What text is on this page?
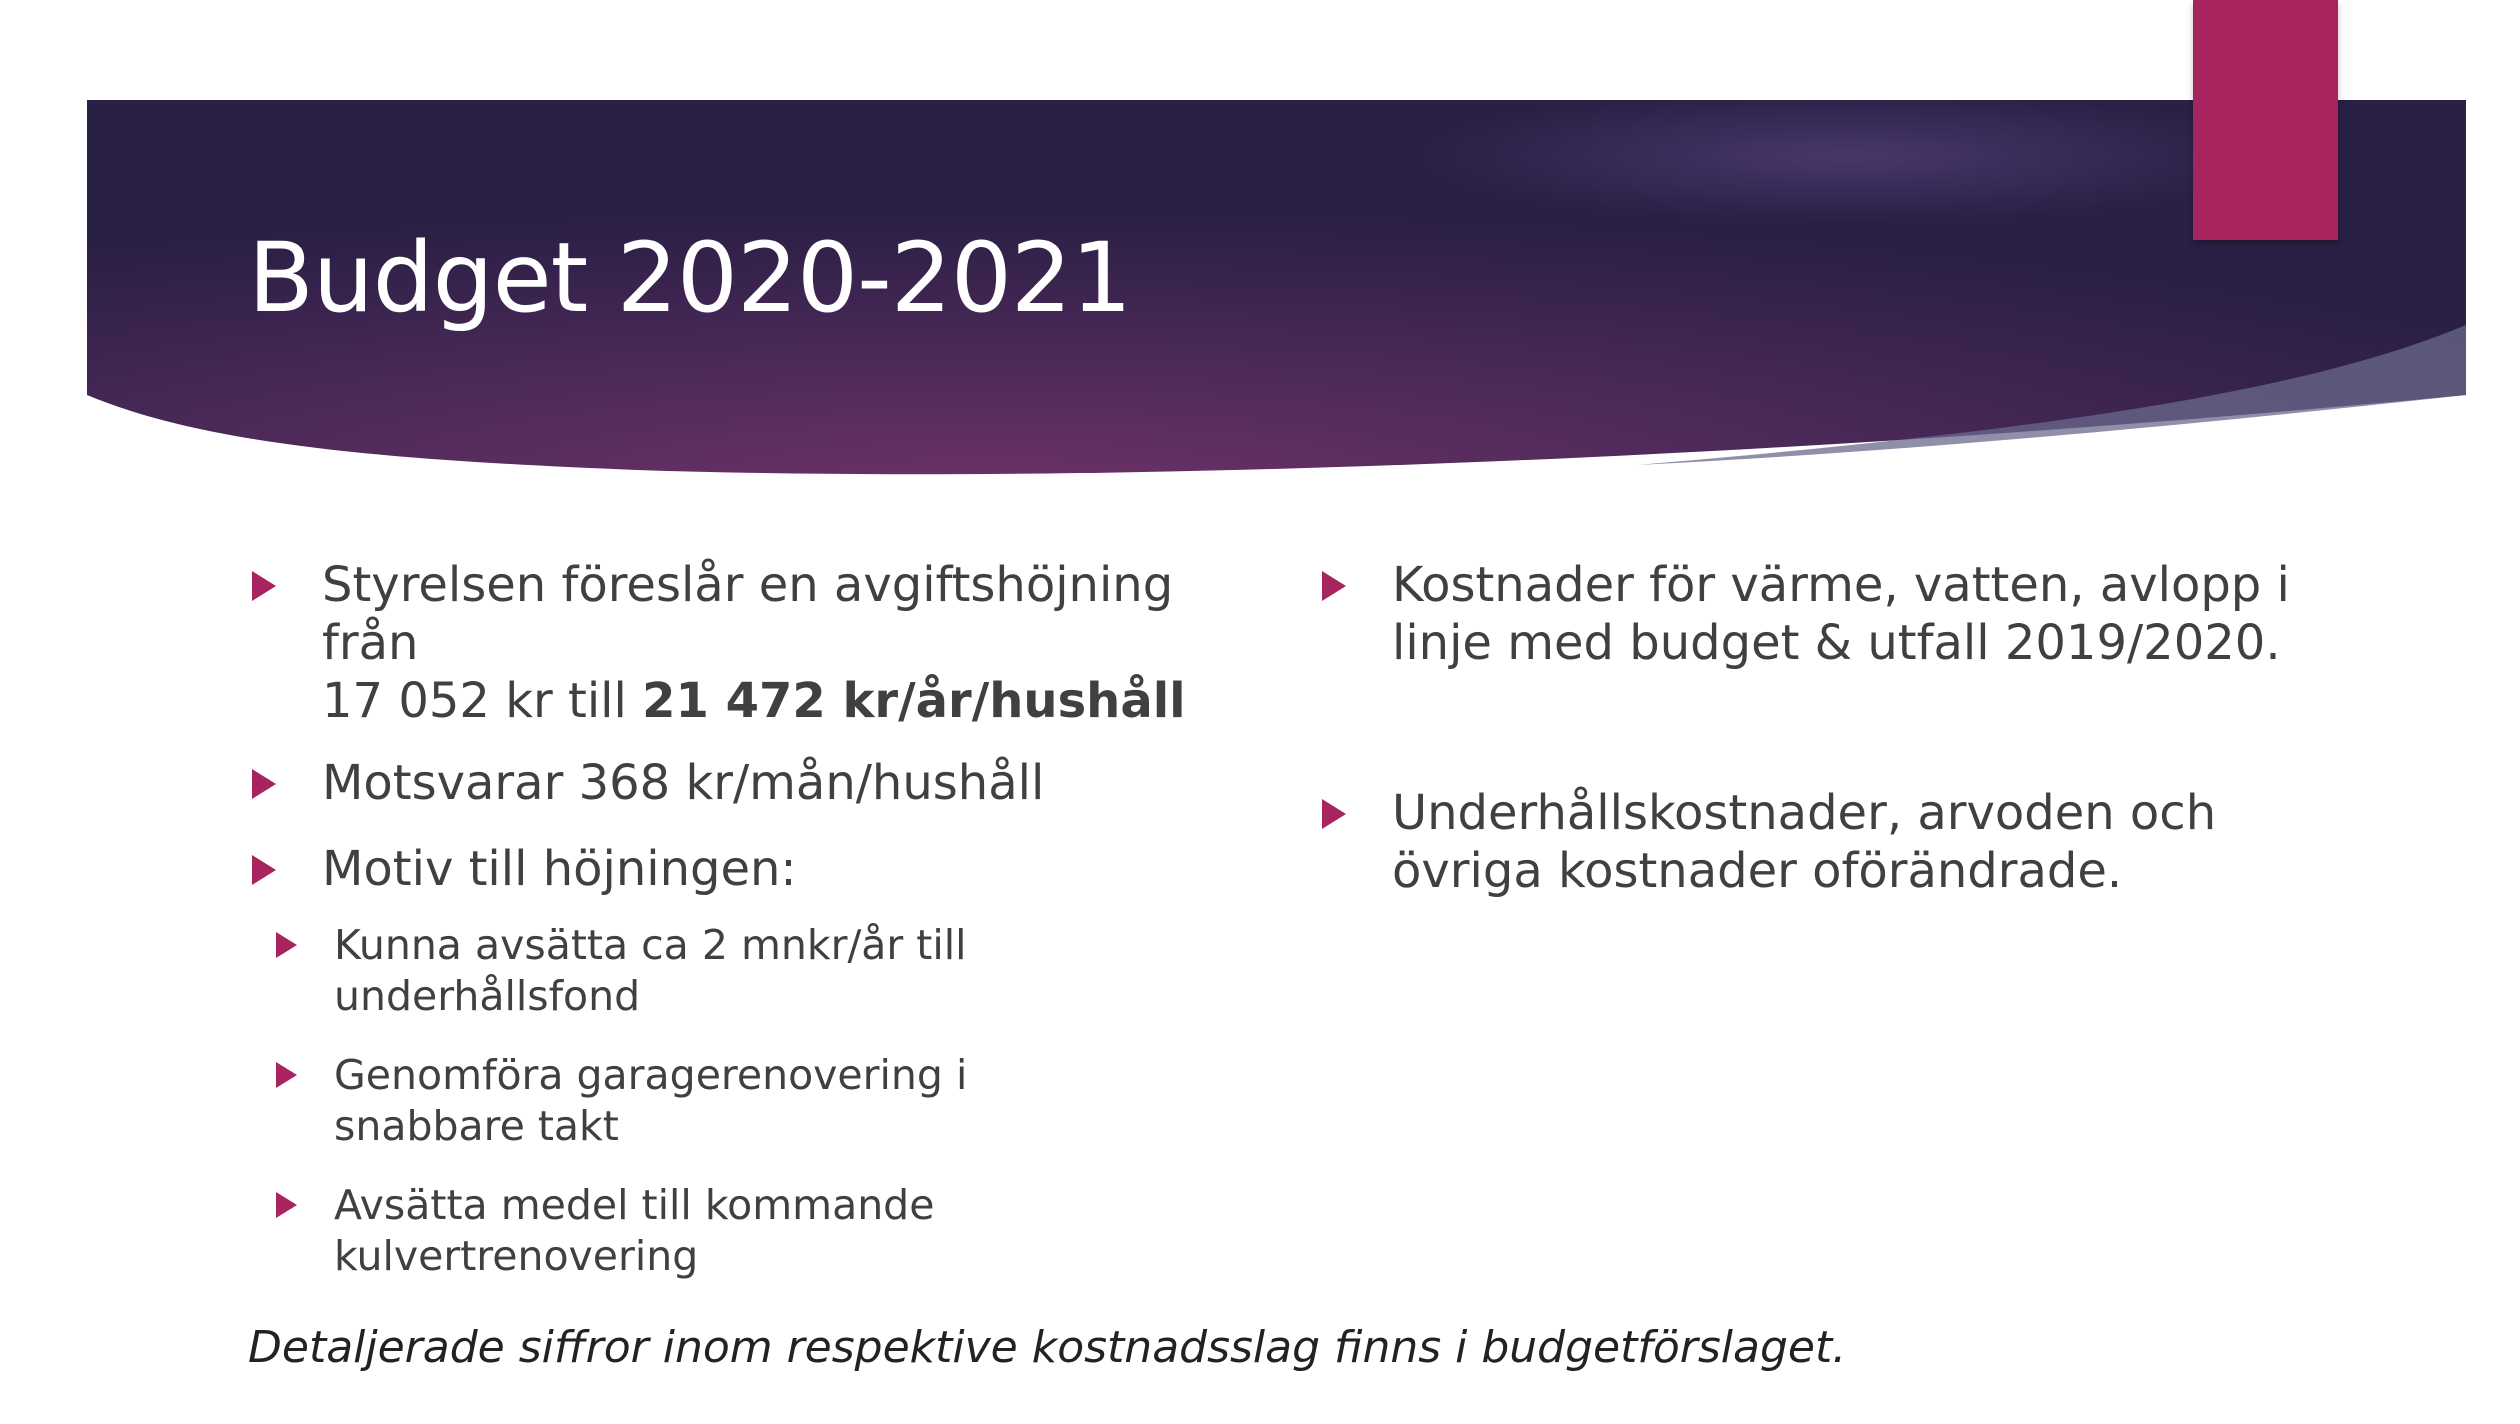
Budget 2020-2021
Styrelsen föreslår en avgiftshöjning från
17 052 kr till 21 472 kr/år/hushåll
Motsvarar 368 kr/mån/hushåll
Motiv till höjningen:
Kunna avsätta ca 2 mnkr/år till
underhållsfond
Genomföra garagerenovering i
snabbare takt
Avsätta medel till kommande
kulvertrenovering
Kostnader för värme, vatten, avlopp i
linje med budget & utfall 2019/2020.
Underhållskostnader, arvoden och
övriga kostnader oförändrade.
Detaljerade siffror inom respektive kostnadsslag finns i budgetförslaget.
